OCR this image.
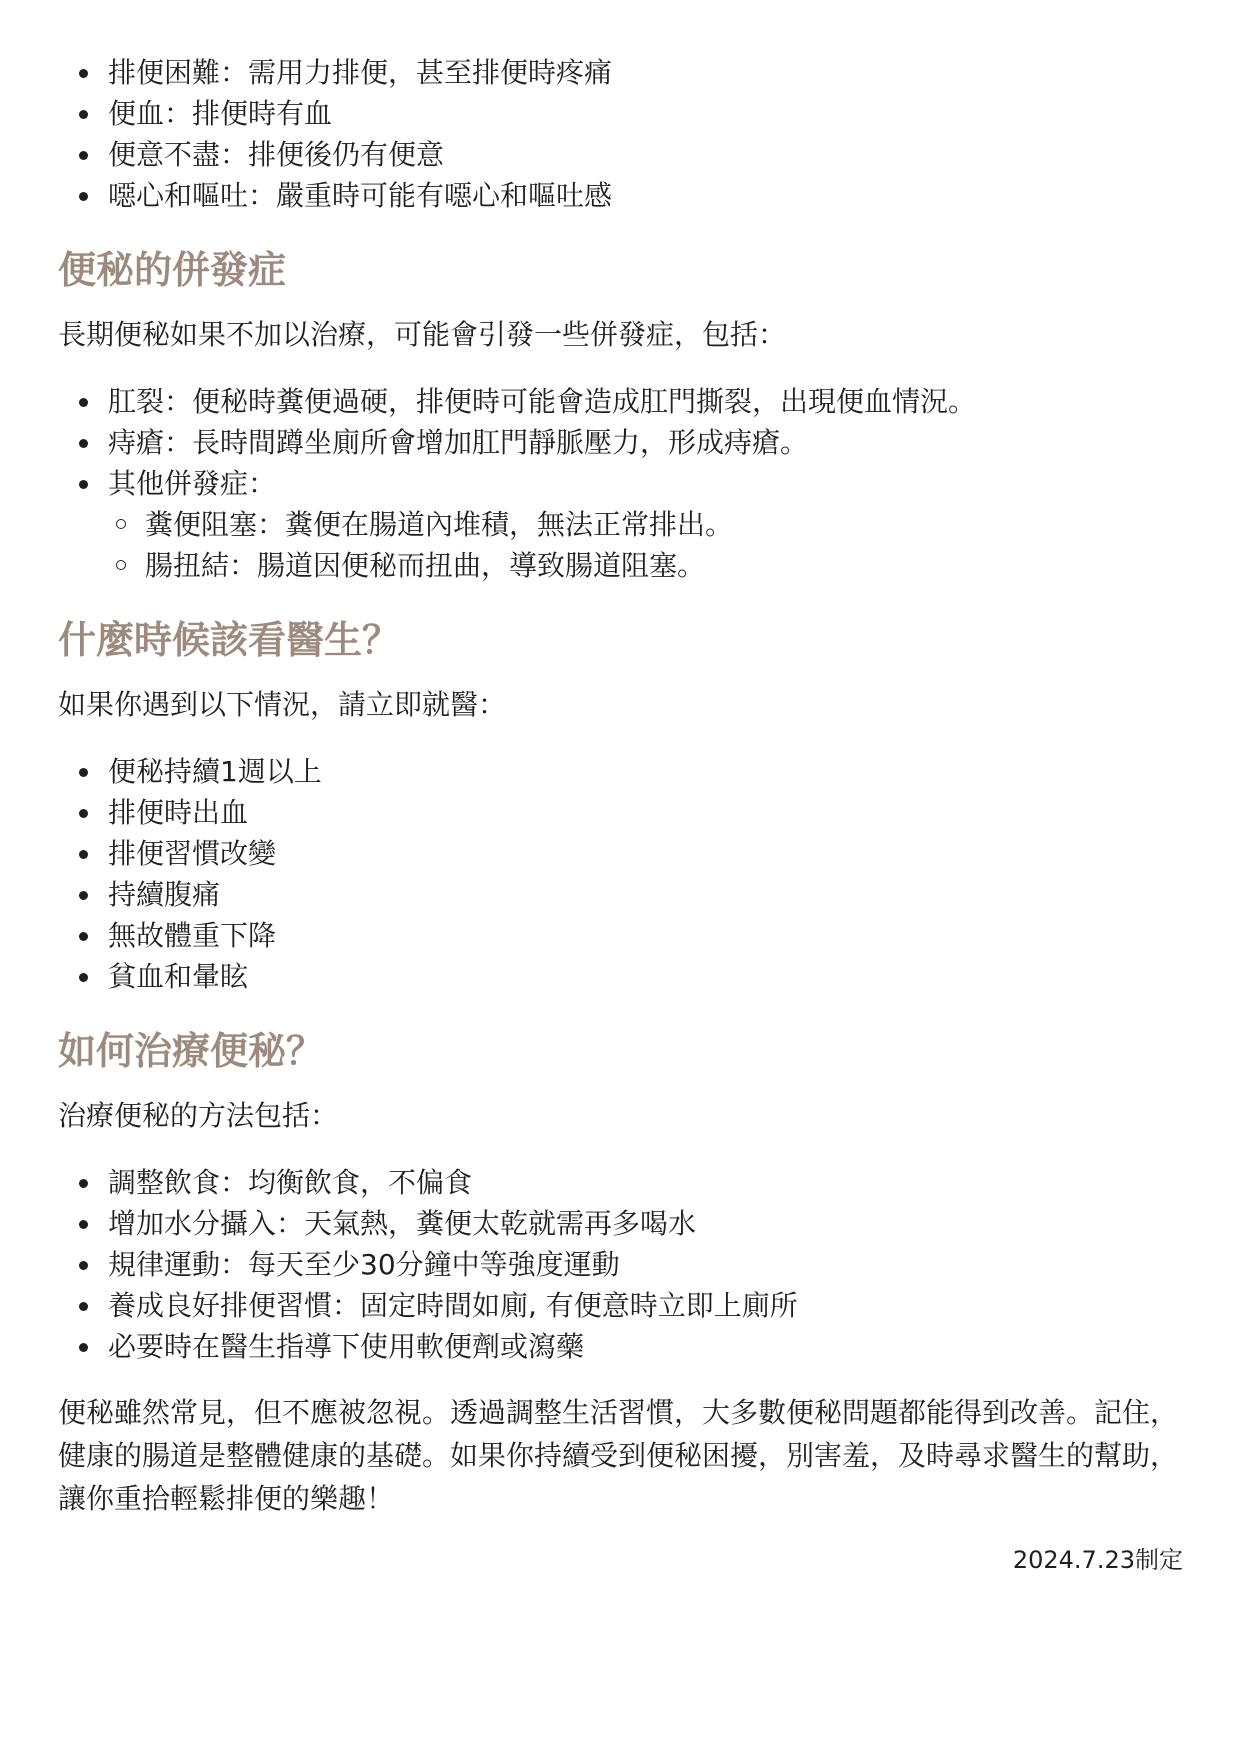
排便困難：需用力排便，甚至排便時疼痛
便血：排便時有血
便意不盡：排便後仍有便意
噁心和嘔吐：嚴重時可能有噁心和嘔吐感
便秘的併發症

長期便秘如果不加以治療，可能會引發一些併發症，包括：

肛裂：便秘時糞便過硬，排便時可能會造成肛門撕裂，出現便血情況。
痔瘡：長時間蹲坐廁所會增加肛門靜脈壓力，形成痔瘡。
其他併發症：
糞便阻塞：糞便在腸道內堆積，無法正常排出。
腸扭結：腸道因便秘而扭曲，導致腸道阻塞。
什麼時候該看醫生？

如果你遇到以下情況，請立即就醫：

便秘持續1週以上
排便時出血
排便習慣改變
持續腹痛
無故體重下降
貧血和暈眩
如何治療便秘？

治療便秘的方法包括：

調整飲食：均衡飲食，不偏食
增加水分攝入：天氣熱，糞便太乾就需再多喝水
規律運動：每天至少30分鐘中等強度運動
養成良好排便習慣：固定時間如廁, 有便意時立即上廁所
必要時在醫生指導下使用軟便劑或瀉藥

便秘雖然常見，但不應被忽視。透過調整生活習慣，大多數便秘問題都能得到改善。記住，健康的腸道是整體健康的基礎。如果你持續受到便秘困擾，別害羞，及時尋求醫生的幫助，讓你重拾輕鬆排便的樂趣！

2024.7.23制定
